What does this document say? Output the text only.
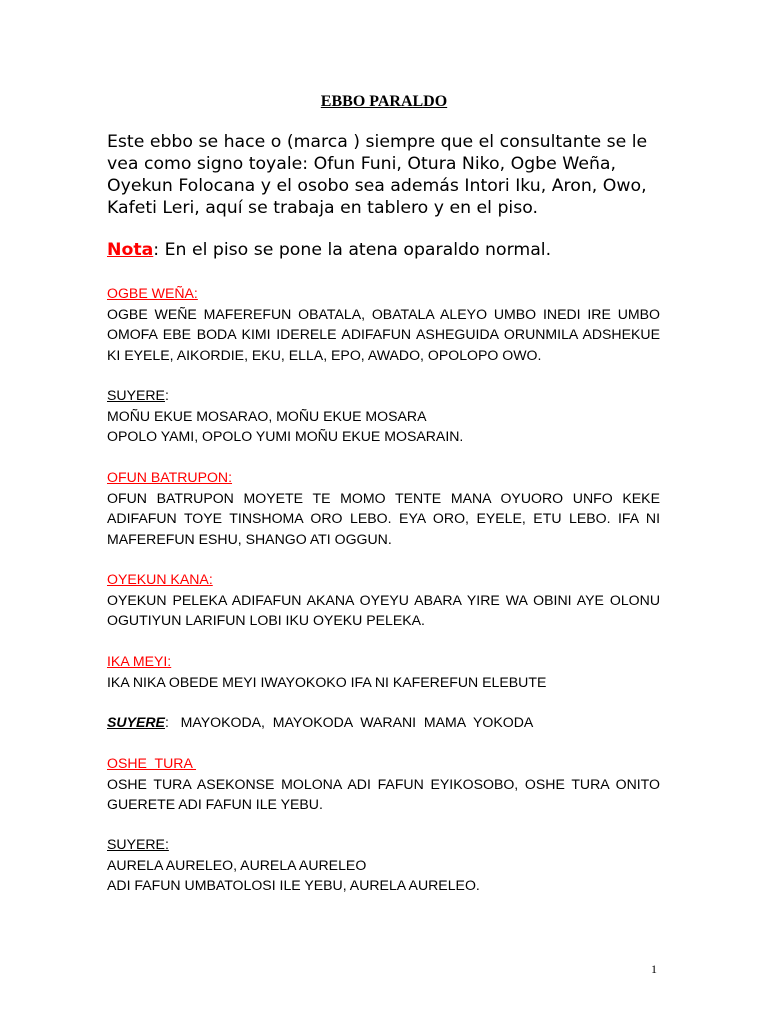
EBBO PARALDO

Este ebbo se hace o (marca ) siempre que el consultante se le vea como signo toyale: Ofun Funi, Otura Niko, Ogbe Weña, Oyekun Folocana y el osobo sea además Intori Iku, Aron, Owo, Kafeti Leri, aquí se trabaja en tablero y en el piso.

Nota: En el piso se pone la atena oparaldo normal.

OGBE WEÑA:
OGBE WEÑE MAFEREFUN OBATALA, OBATALA ALEYO UMBO INEDI IRE UMBO OMOFA EBE BODA KIMI IDERELE ADIFAFUN ASHEGUIDA ORUNMILA ADSHEKUE KI EYELE, AIKORDIE, EKU, ELLA, EPO, AWADO, OPOLOPO OWO.
SUYERE:
MOÑU EKUE MOSARAO, MOÑU EKUE MOSARA
OPOLO YAMI, OPOLO YUMI MOÑU EKUE MOSARAIN.
OFUN BATRUPON:
OFUN BATRUPON MOYETE TE MOMO TENTE MANA OYUORO UNFO KEKE ADIFAFUN TOYE TINSHOMA ORO LEBO. EYA ORO, EYELE, ETU LEBO. IFA NI MAFEREFUN ESHU, SHANGO ATI OGGUN.
OYEKUN KANA:
OYEKUN PELEKA ADIFAFUN AKANA OYEYU ABARA YIRE WA OBINI AYE OLONU OGUTIYUN LARIFUN LOBI IKU OYEKU PELEKA.
IKA MEYI:
IKA NIKA OBEDE MEYI IWAYOKOKO IFA NI KAFEREFUN ELEBUTE
SUYERE:   MAYOKODA,  MAYOKODA  WARANI  MAMA  YOKODA
OSHE  TURA
OSHE TURA ASEKONSE MOLONA ADI FAFUN EYIKOSOBO, OSHE TURA ONITO GUERETE ADI FAFUN ILE YEBU.
SUYERE:
AURELA AURELEO, AURELA AURELEO
ADI FAFUN UMBATOLOSI ILE YEBU, AURELA AURELEO.

1
